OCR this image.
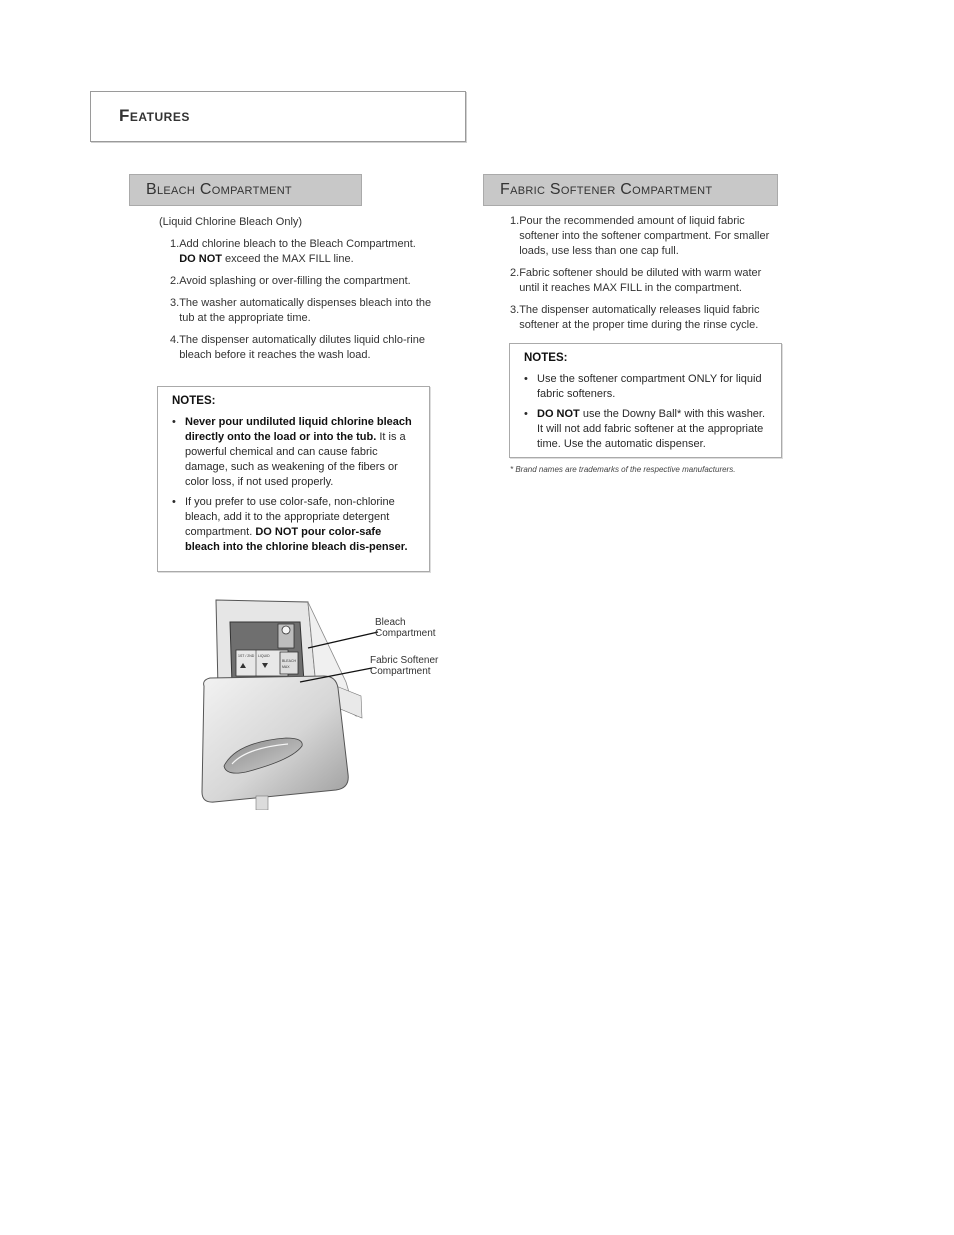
Features
Bleach Compartment
(Liquid Chlorine Bleach Only)
1. Add chlorine bleach to the Bleach Compartment. DO NOT exceed the MAX FILL line.
2. Avoid splashing or over-filling the compartment.
3. The washer automatically dispenses bleach into the tub at the appropriate time.
4. The dispenser automatically dilutes liquid chlo-rine bleach before it reaches the wash load.
NOTES:
• Never pour undiluted liquid chlorine bleach directly onto the load or into the tub. It is a powerful chemical and can cause fabric damage, such as weakening of the fibers or color loss, if not used properly.
• If you prefer to use color-safe, non-chlorine bleach, add it to the appropriate detergent compartment. DO NOT pour color-safe bleach into the chlorine bleach dis-penser.
Fabric Softener Compartment
1. Pour the recommended amount of liquid fabric softener into the softener compartment. For smaller loads, use less than one cap full.
2. Fabric softener should be diluted with warm water until it reaches MAX FILL in the compartment.
3. The dispenser automatically releases liquid fabric softener at the proper time during the rinse cycle.
NOTES:
• Use the softener compartment ONLY for liquid fabric softeners.
• DO NOT use the Downy Ball* with this washer. It will not add fabric softener at the appropriate time. Use the automatic dispenser.
* Brand names are trademarks of the respective manufacturers.
1ST / 2ND LIQUID
BLEACH
MAX
Bleach
Compartment
Fabric Softener
Compartment
